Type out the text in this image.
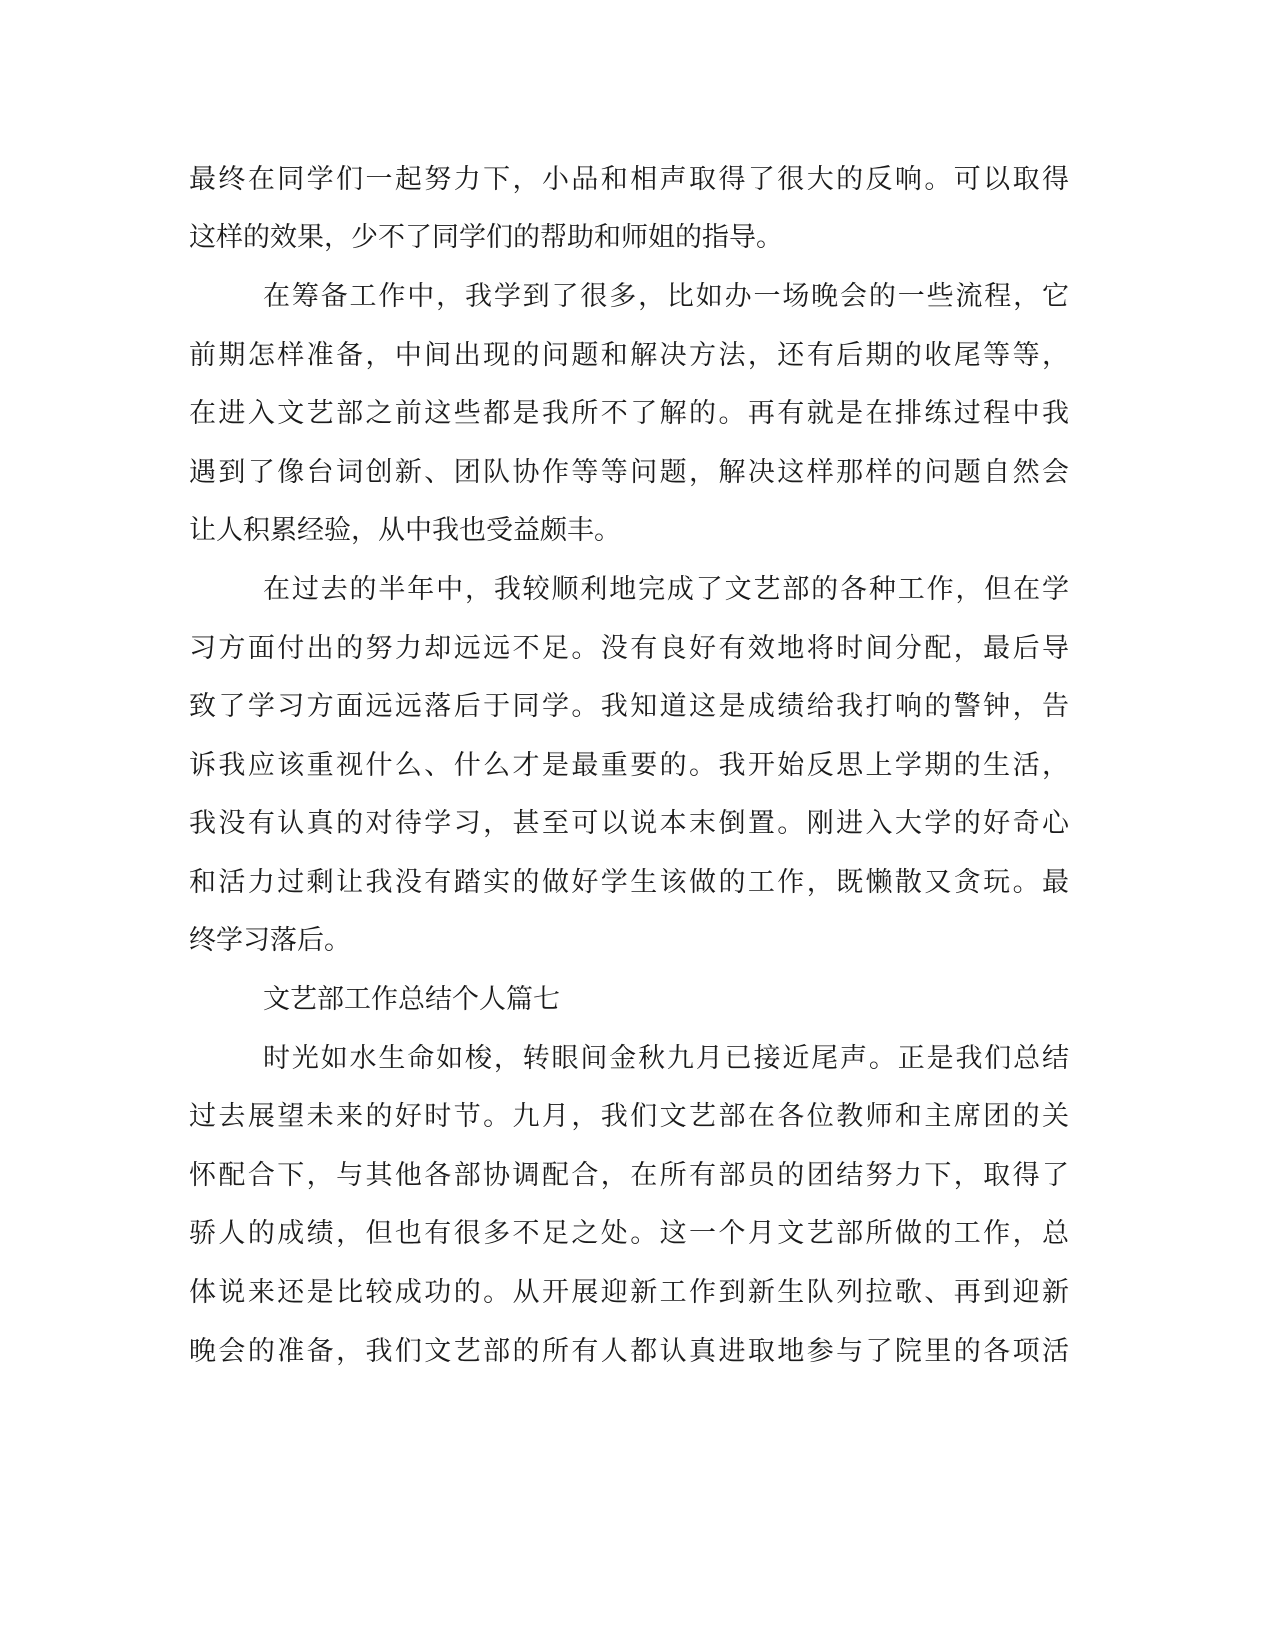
最终在同学们一起努力下，小品和相声取得了很大的反响。可以取得
这样的效果，少不了同学们的帮助和师姐的指导。
在筹备工作中，我学到了很多，比如办一场晚会的一些流程，它
前期怎样准备，中间出现的问题和解决方法，还有后期的收尾等等，
在进入文艺部之前这些都是我所不了解的。再有就是在排练过程中我
遇到了像台词创新、团队协作等等问题，解决这样那样的问题自然会
让人积累经验，从中我也受益颇丰。
在过去的半年中，我较顺利地完成了文艺部的各种工作，但在学
习方面付出的努力却远远不足。没有良好有效地将时间分配，最后导
致了学习方面远远落后于同学。我知道这是成绩给我打响的警钟，告
诉我应该重视什么、什么才是最重要的。我开始反思上学期的生活，
我没有认真的对待学习，甚至可以说本末倒置。刚进入大学的好奇心
和活力过剩让我没有踏实的做好学生该做的工作，既懒散又贪玩。最
终学习落后。
文艺部工作总结个人篇七
时光如水生命如梭，转眼间金秋九月已接近尾声。正是我们总结
过去展望未来的好时节。九月，我们文艺部在各位教师和主席团的关
怀配合下，与其他各部协调配合，在所有部员的团结努力下，取得了
骄人的成绩，但也有很多不足之处。这一个月文艺部所做的工作，总
体说来还是比较成功的。从开展迎新工作到新生队列拉歌、再到迎新
晚会的准备，我们文艺部的所有人都认真进取地参与了院里的各项活
